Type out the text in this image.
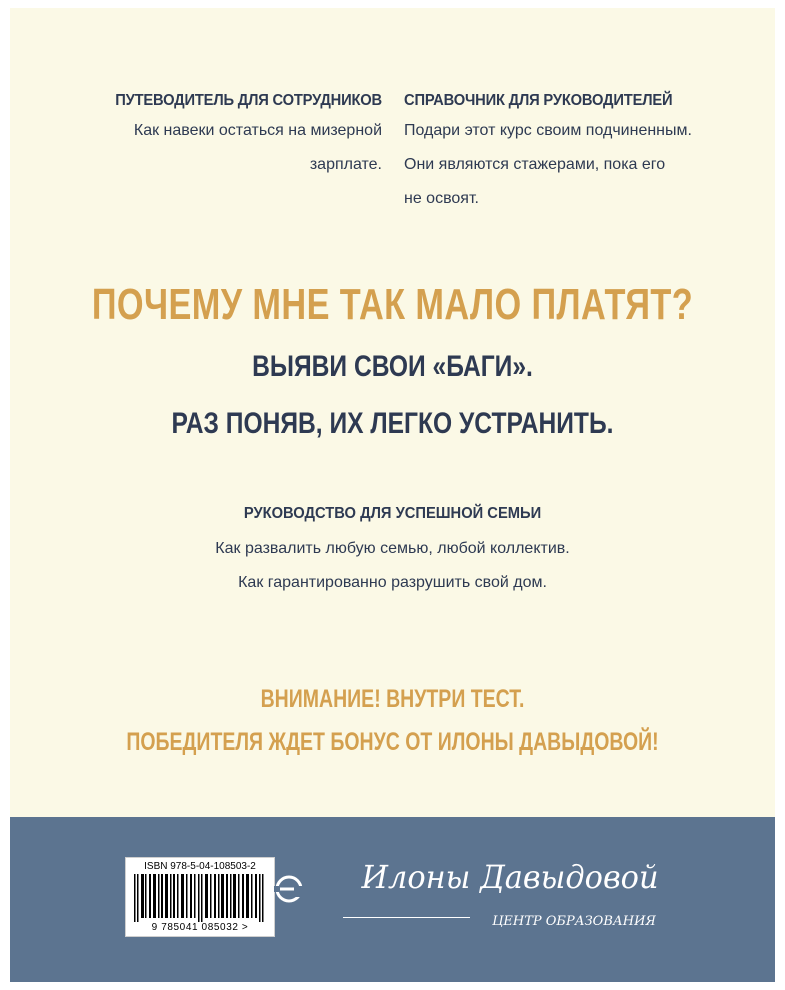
ПУТЕВОДИТЕЛЬ ДЛЯ СОТРУДНИКОВ
Как навеки остаться на мизерной
зарплате.
СПРАВОЧНИК ДЛЯ РУКОВОДИТЕЛЕЙ
Подари этот курс своим подчиненным.
Они являются стажерами, пока его
не освоят.
ПОЧЕМУ МНЕ ТАК МАЛО ПЛАТЯТ?
ВЫЯВИ СВОИ «БАГИ».
РАЗ ПОНЯВ, ИХ ЛЕГКО УСТРАНИТЬ.
РУКОВОДСТВО ДЛЯ УСПЕШНОЙ СЕМЬИ
Как развалить любую семью, любой коллектив.
Как гарантированно разрушить свой дом.
ВНИМАНИЕ! ВНУТРИ ТЕСТ.
ПОБЕДИТЕЛЯ ЖДЕТ БОНУС ОТ ИЛОНЫ ДАВЫДОВОЙ!
ISBN 978-5-04-108503-2
9 785041 085032 >
Илоны Давыдовой
ЦЕНТР ОБРАЗОВАНИЯ
